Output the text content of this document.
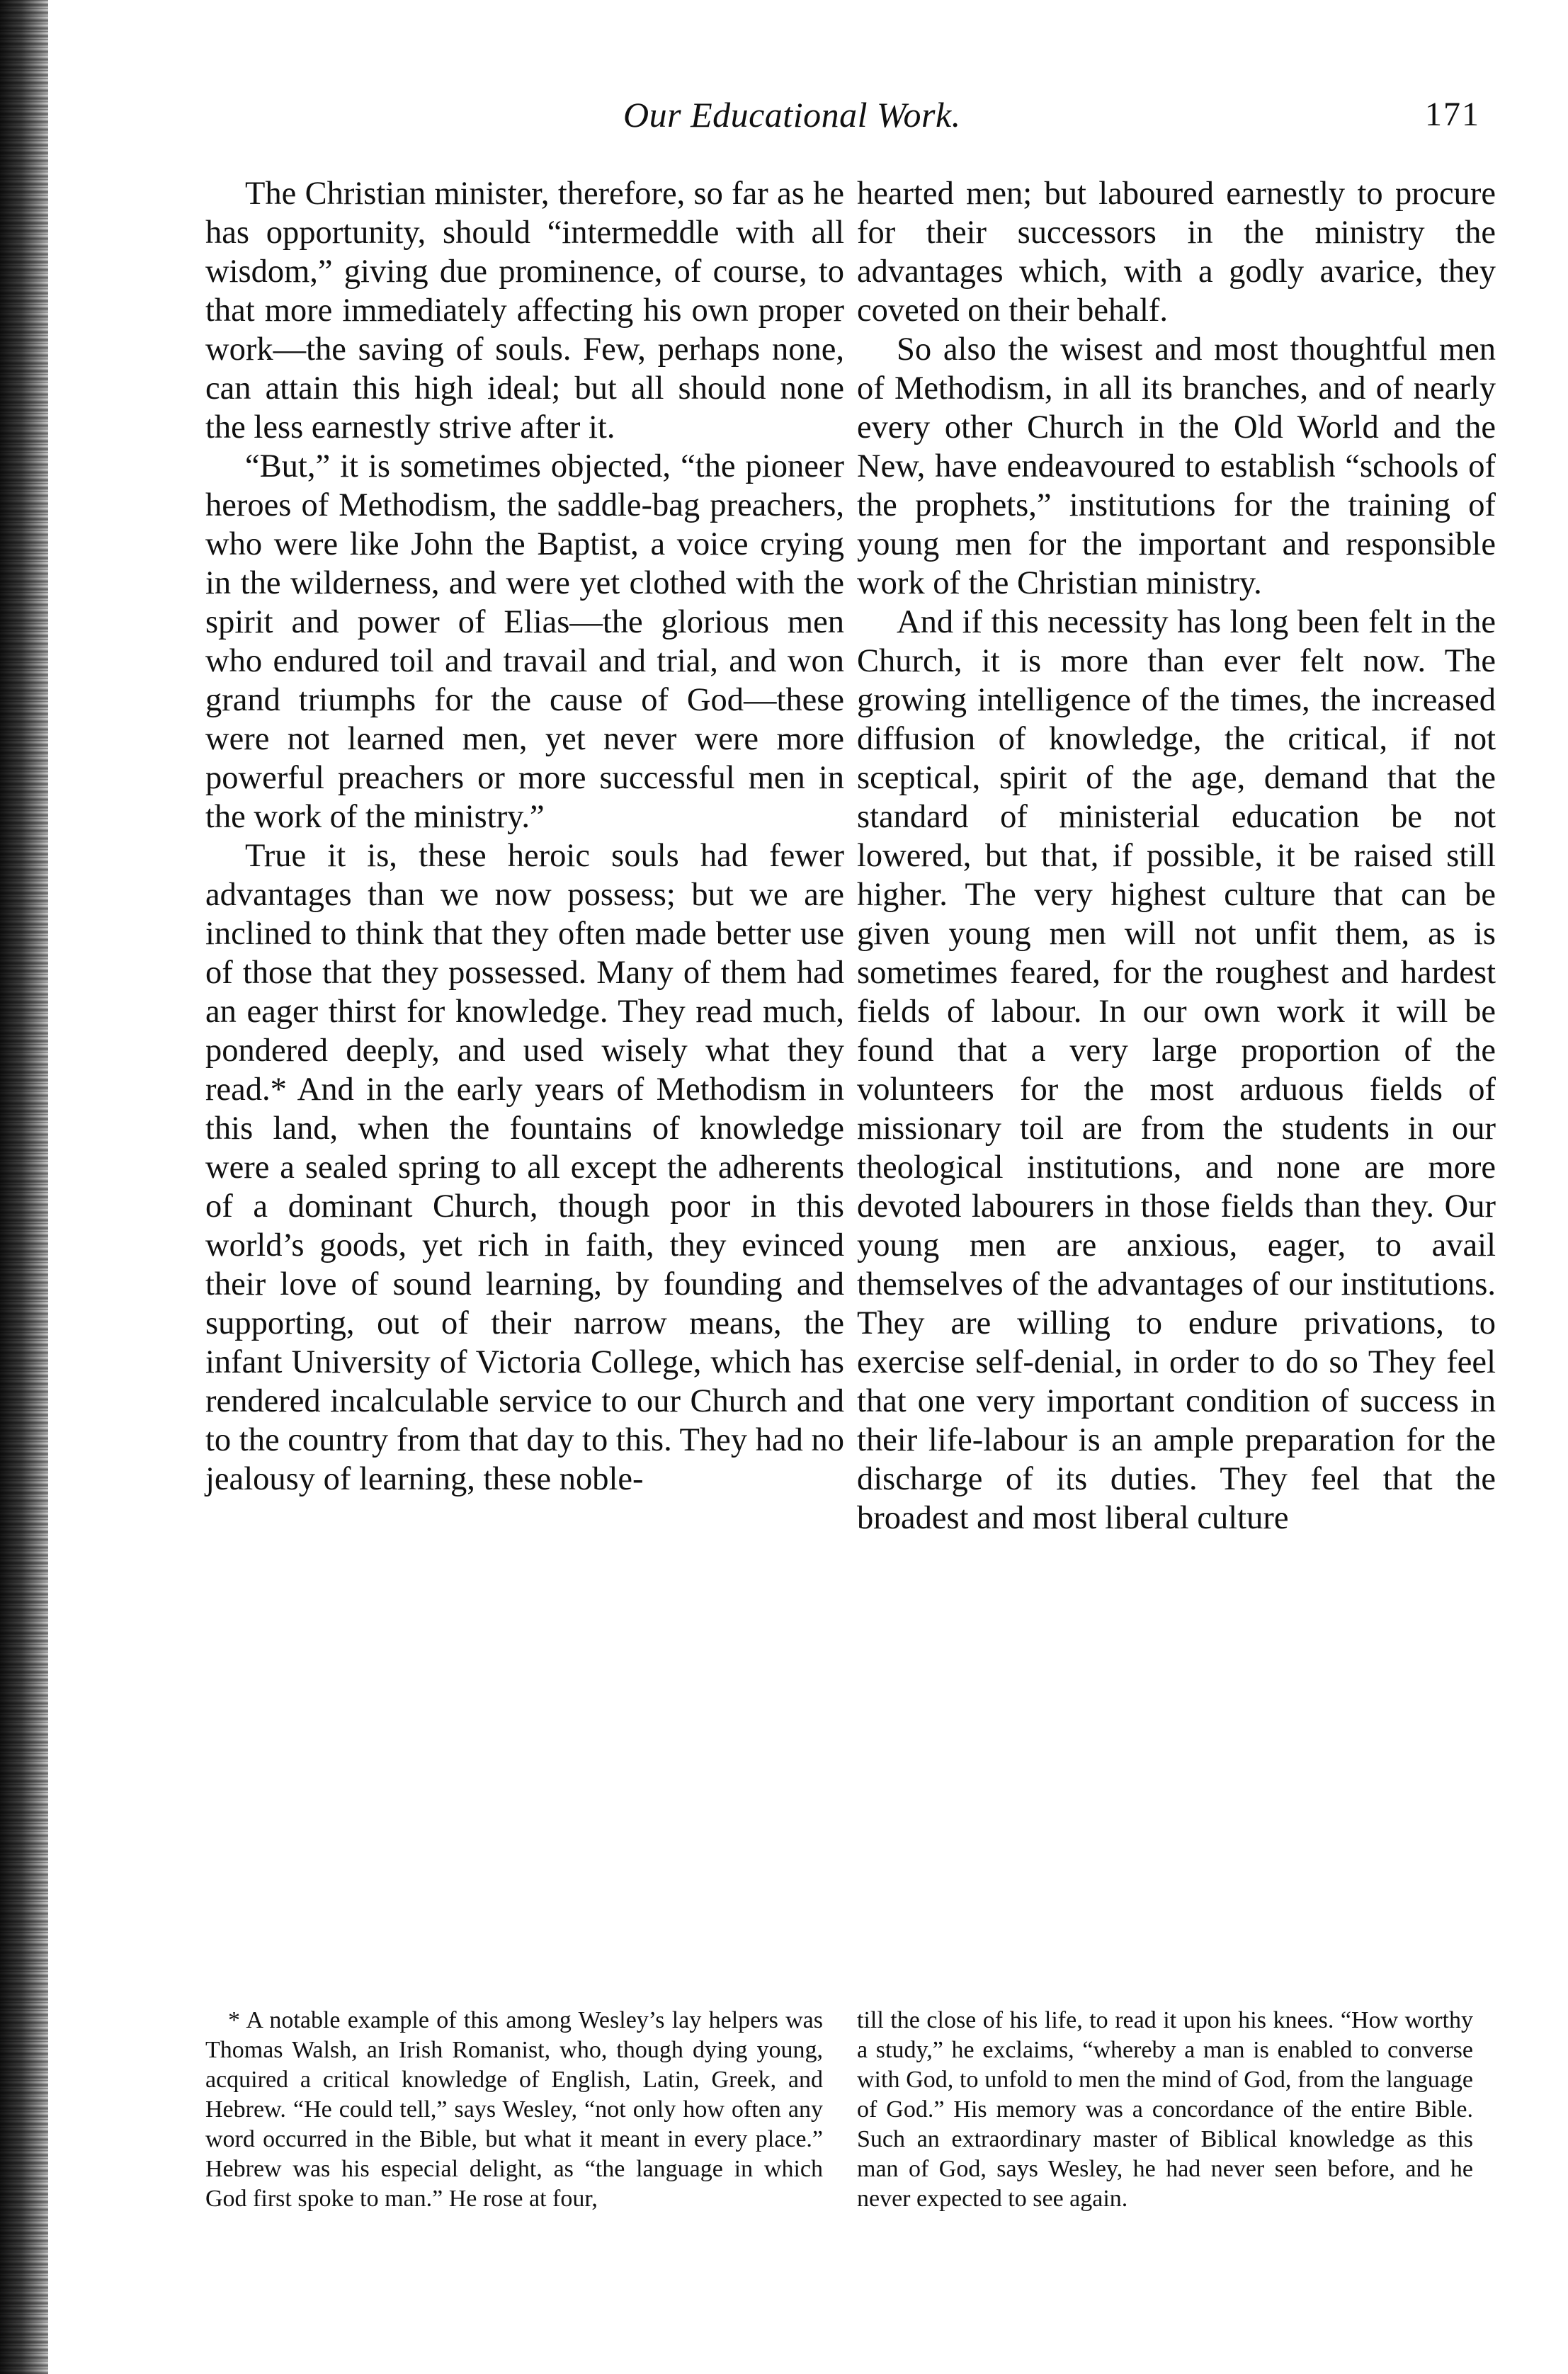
Our Educational Work.	171

The Christian minister, therefore, so far as he has opportunity, should “intermeddle with all wisdom,” giving due prominence, of course, to that more immediately affecting his own proper work—the saving of souls. Few, perhaps none, can attain this high ideal; but all should none the less earnestly strive after it.

“But,” it is sometimes objected, “the pioneer heroes of Methodism, the saddle-bag preachers, who were like John the Baptist, a voice crying in the wilderness, and were yet clothed with the spirit and power of Elias—the glorious men who endured toil and travail and trial, and won grand triumphs for the cause of God—these were not learned men, yet never were more powerful preachers or more successful men in the work of the ministry.”

True it is, these heroic souls had fewer advantages than we now possess; but we are inclined to think that they often made better use of those that they possessed. Many of them had an eager thirst for knowledge. They read much, pondered deeply, and used wisely what they read.* And in the early years of Methodism in this land, when the fountains of knowledge were a sealed spring to all except the adherents of a dominant Church, though poor in this world’s goods, yet rich in faith, they evinced their love of sound learning, by founding and supporting, out of their narrow means, the infant University of Victoria College, which has rendered incalculable service to our Church and to the country from that day to this. They had no jealousy of learning, these noble-

hearted men; but laboured earnestly to procure for their successors in the ministry the advantages which, with a godly avarice, they coveted on their behalf.

So also the wisest and most thoughtful men of Methodism, in all its branches, and of nearly every other Church in the Old World and the New, have endeavoured to establish “schools of the prophets,” institutions for the training of young men for the important and responsible work of the Christian ministry.

And if this necessity has long been felt in the Church, it is more than ever felt now. The growing intelligence of the times, the increased diffusion of knowledge, the critical, if not sceptical, spirit of the age, demand that the standard of ministerial education be not lowered, but that, if possible, it be raised still higher. The very highest culture that can be given young men will not unfit them, as is sometimes feared, for the roughest and hardest fields of labour. In our own work it will be found that a very large proportion of the volunteers for the most arduous fields of missionary toil are from the students in our theological institutions, and none are more devoted labourers in those fields than they. Our young men are anxious, eager, to avail themselves of the advantages of our institutions. They are willing to endure privations, to exercise self-denial, in order to do so They feel that one very important condition of success in their life-labour is an ample preparation for the discharge of its duties. They feel that the broadest and most liberal culture

* A notable example of this among Wesley’s lay helpers was Thomas Walsh, an Irish Romanist, who, though dying young, acquired a critical knowledge of English, Latin, Greek, and Hebrew. “He could tell,” says Wesley, “not only how often any word occurred in the Bible, but what it meant in every place.” Hebrew was his especial delight, as “the language in which God first spoke to man.” He rose at four,

till the close of his life, to read it upon his knees. “How worthy a study,” he exclaims, “whereby a man is enabled to converse with God, to unfold to men the mind of God, from the language of God.” His memory was a concordance of the entire Bible. Such an extraordinary master of Biblical knowledge as this man of God, says Wesley, he had never seen before, and he never expected to see again.
